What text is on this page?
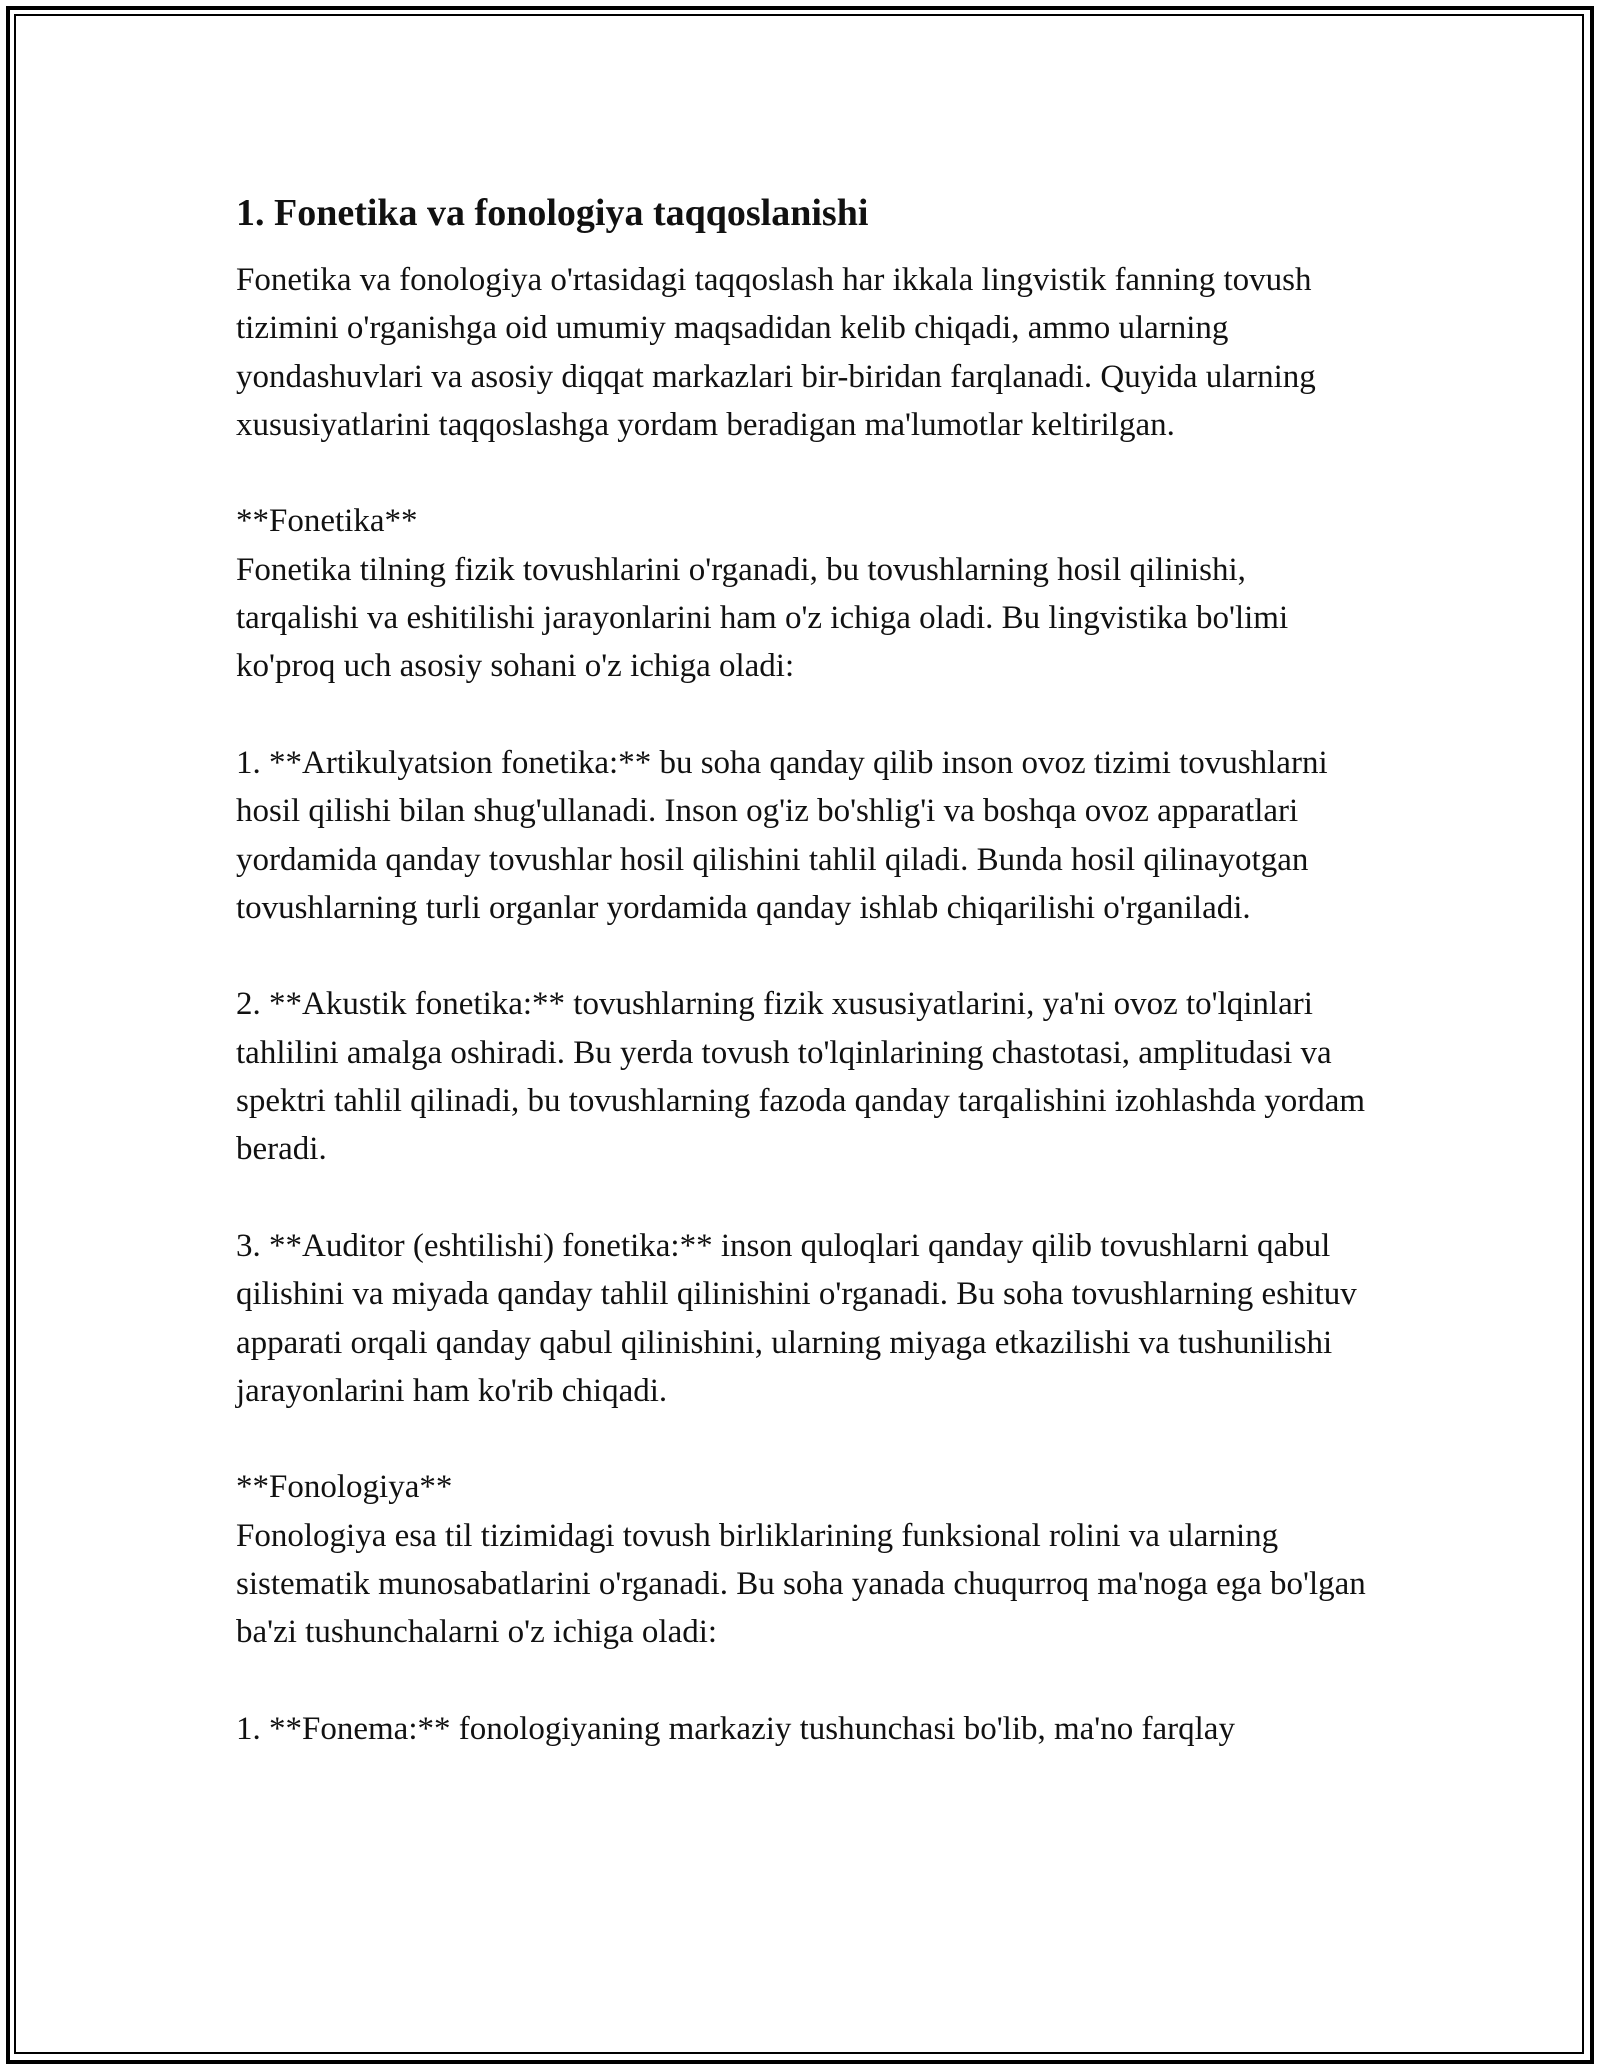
1. Fonetika va fonologiya taqqoslanishi
Fonetika va fonologiya o'rtasidagi taqqoslash har ikkala lingvistik fanning tovush tizimini o'rganishga oid umumiy maqsadidan kelib chiqadi, ammo ularning yondashuvlari va asosiy diqqat markazlari bir-biridan farqlanadi. Quyida ularning xususiyatlarini taqqoslashga yordam beradigan ma'lumotlar keltirilgan.

**Fonetika**
Fonetika tilning fizik tovushlarini o'rganadi, bu tovushlarning hosil qilinishi, tarqalishi va eshitilishi jarayonlarini ham o'z ichiga oladi. Bu lingvistika bo'limi ko'proq uch asosiy sohani o'z ichiga oladi:

1. **Artikulyatsion fonetika:** bu soha qanday qilib inson ovoz tizimi tovushlarni hosil qilishi bilan shug'ullanadi. Inson og'iz bo'shlig'i va boshqa ovoz apparatlari yordamida qanday tovushlar hosil qilishini tahlil qiladi. Bunda hosil qilinayotgan tovushlarning turli organlar yordamida qanday ishlab chiqarilishi o'rganiladi.

2. **Akustik fonetika:** tovushlarning fizik xususiyatlarini, ya'ni ovoz to'lqinlari tahlilini amalga oshiradi. Bu yerda tovush to'lqinlarining chastotasi, amplitudasi va spektri tahlil qilinadi, bu tovushlarning fazoda qanday tarqalishini izohlashda yordam beradi.

3. **Auditor (eshtilishi) fonetika:** inson quloqlari qanday qilib tovushlarni qabul qilishini va miyada qanday tahlil qilinishini o'rganadi. Bu soha tovushlarning eshituv apparati orqali qanday qabul qilinishini, ularning miyaga etkazilishi va tushunilishi jarayonlarini ham ko'rib chiqadi.

**Fonologiya**
Fonologiya esa til tizimidagi tovush birliklarining funksional rolini va ularning sistematik munosabatlarini o'rganadi. Bu soha yanada chuqurroq ma'noga ega bo'lgan ba'zi tushunchalarni o'z ichiga oladi:

1. **Fonema:** fonologiyaning markaziy tushunchasi bo'lib, ma'no farqlay
